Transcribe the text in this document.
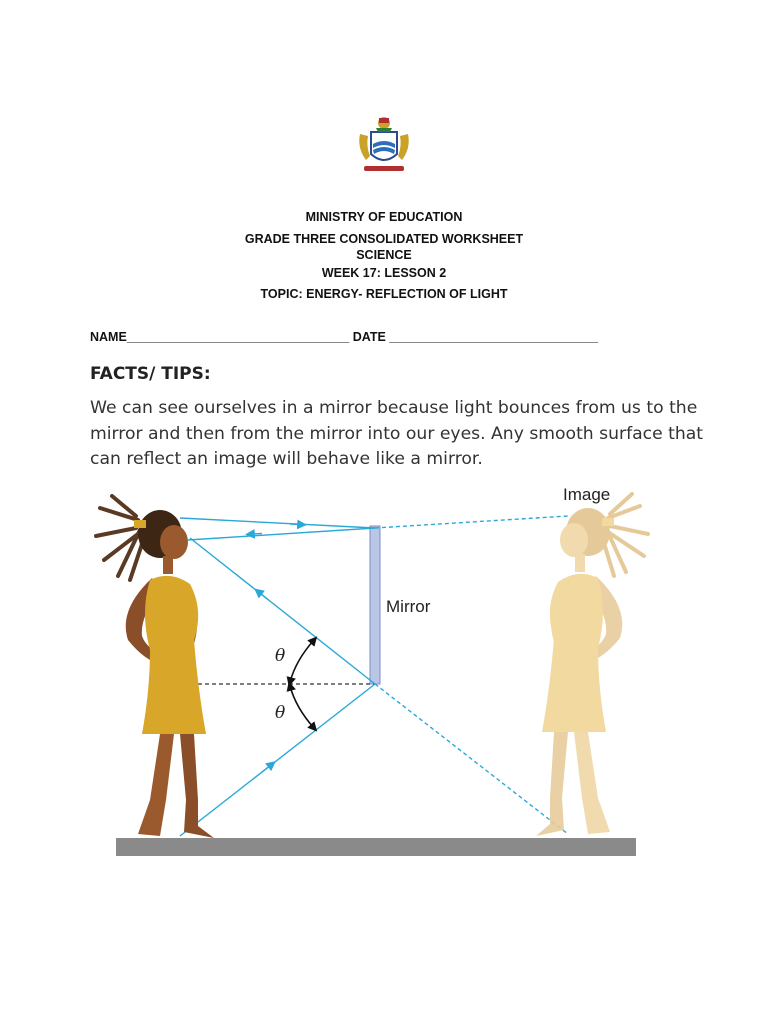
MINISTRY OF EDUCATION
GRADE THREE CONSOLIDATED WORKSHEET
SCIENCE
WEEK 17: LESSON 2
TOPIC: ENERGY- REFLECTION OF LIGHT
NAME________________________________ DATE ______________________________
FACTS/ TIPS:
We can see ourselves in a mirror because light bounces from us to the mirror and then from the mirror into our eyes. Any smooth surface that can reflect an image will behave like a mirror.
Mirror
Image
θ
θ
